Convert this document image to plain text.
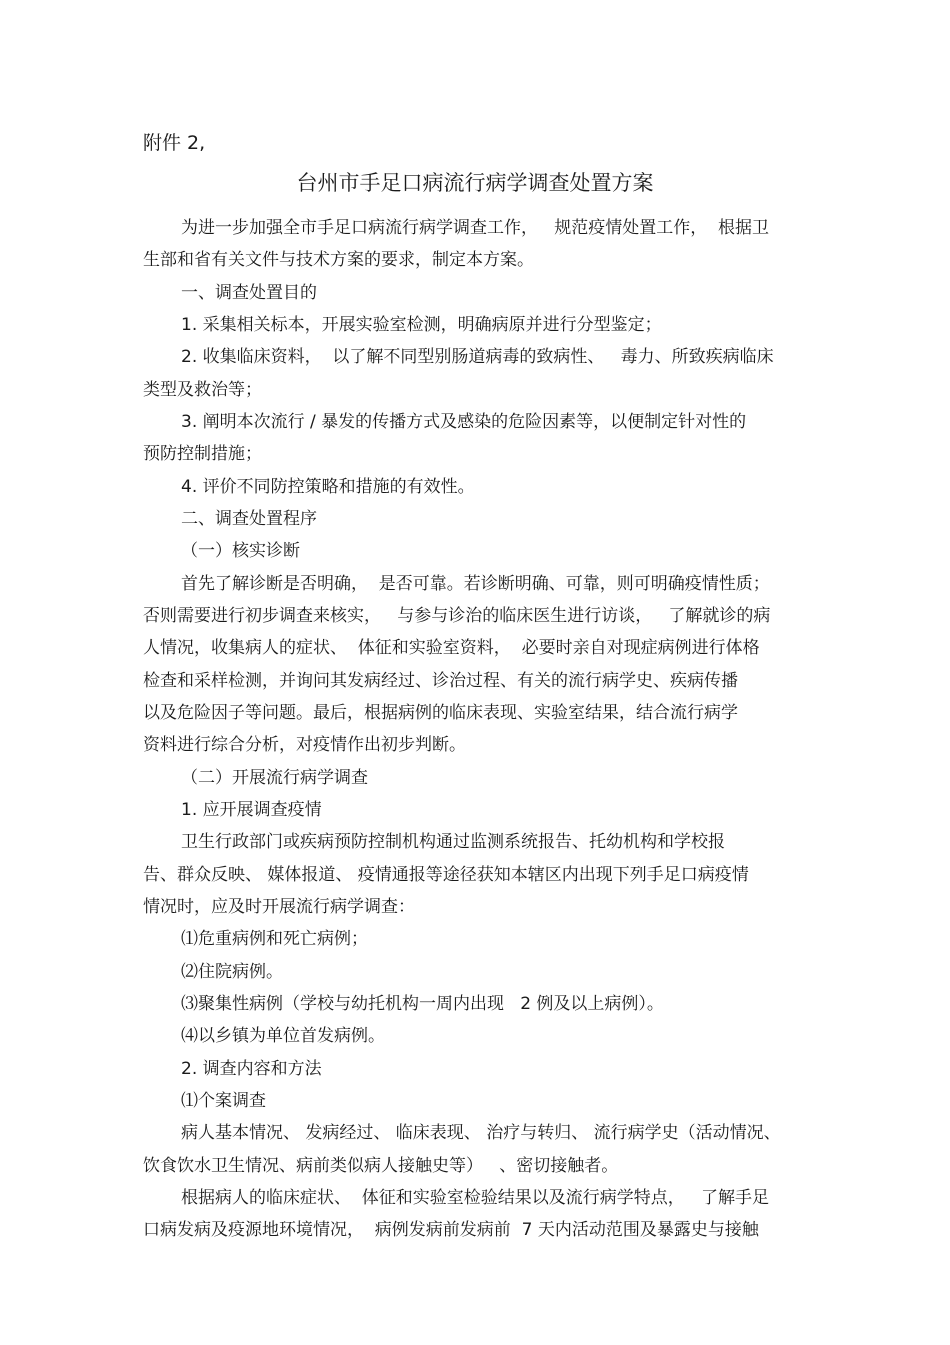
附件 2,

台州市手足口病流行病学调查处置方案

为进一步加强全市手足口病流行病学调查工作，   规范疫情处置工作，  根据卫

生部和省有关文件与技术方案的要求，制定本方案。

一、调查处置目的

1. 采集相关标本，开展实验室检测，明确病原并进行分型鉴定；

2. 收集临床资料，  以了解不同型别肠道病毒的致病性、   毒力、所致疾病临床

类型及救治等；

3. 阐明本次流行 / 暴发的传播方式及感染的危险因素等，以便制定针对性的

预防控制措施；

4. 评价不同防控策略和措施的有效性。

二、调查处置程序

（一）核实诊断

首先了解诊断是否明确，  是否可靠。若诊断明确、可靠，则可明确疫情性质；

否则需要进行初步调查来核实，   与参与诊治的临床医生进行访谈，   了解就诊的病

人情况，收集病人的症状、  体征和实验室资料，  必要时亲自对现症病例进行体格

检查和采样检测，并询问其发病经过、诊治过程、有关的流行病学史、疾病传播

以及危险因子等问题。最后，根据病例的临床表现、实验室结果，结合流行病学

资料进行综合分析，对疫情作出初步判断。

（二）开展流行病学调查

1. 应开展调查疫情

卫生行政部门或疾病预防控制机构通过监测系统报告、托幼机构和学校报

告、群众反映、 媒体报道、 疫情通报等途径获知本辖区内出现下列手足口病疫情

情况时，应及时开展流行病学调查：

⑴危重病例和死亡病例；

⑵住院病例。

⑶聚集性病例（学校与幼托机构一周内出现   2 例及以上病例）。

⑷以乡镇为单位首发病例。

2. 调查内容和方法

⑴个案调查

病人基本情况、 发病经过、 临床表现、 治疗与转归、 流行病学史（活动情况、

饮食饮水卫生情况、病前类似病人接触史等）   、密切接触者。

根据病人的临床症状、  体征和实验室检验结果以及流行病学特点，   了解手足

口病发病及疫源地环境情况，  病例发病前发病前  7 天内活动范围及暴露史与接触
